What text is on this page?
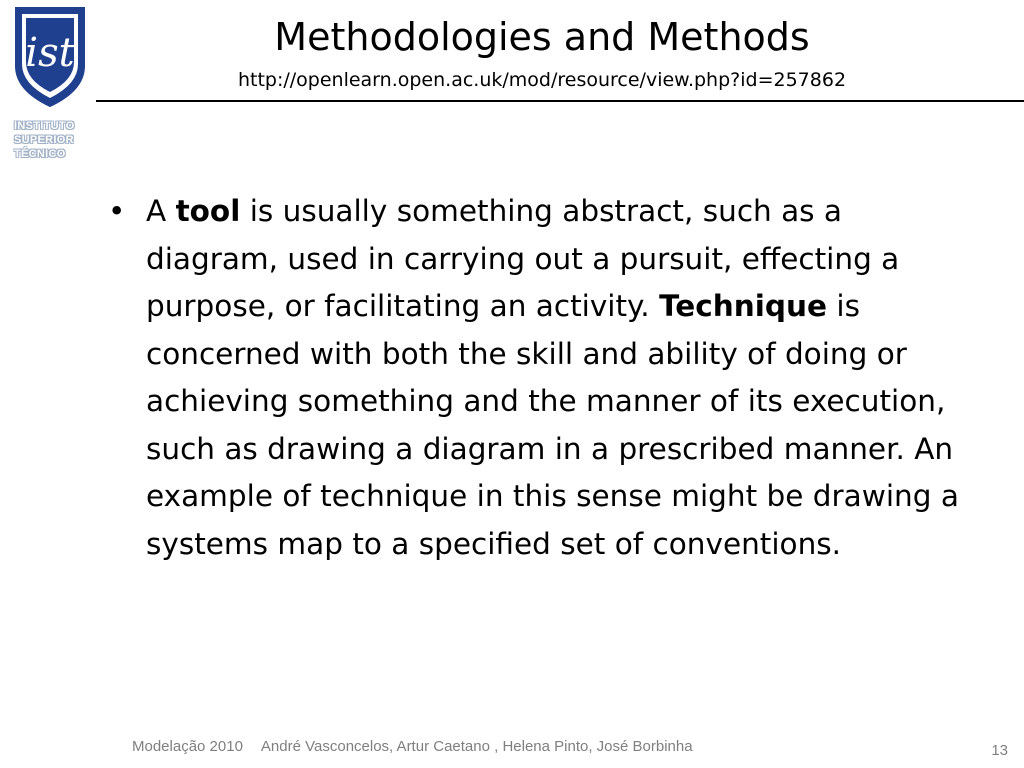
ist
INSTITUTO
SUPERIOR
TÉCNICO
Methodologies and Methods
http://openlearn.open.ac.uk/mod/resource/view.php?id=257862
• A tool is usually something abstract, such as a diagram, used in carrying out a pursuit, effecting a purpose, or facilitating an activity. Technique is concerned with both the skill and ability of doing or achieving something and the manner of its execution, such as drawing a diagram in a prescribed manner. An example of technique in this sense might be drawing a systems map to a specified set of conventions.
Modelação 2010 André Vasconcelos, Artur Caetano , Helena Pinto, José Borbinha	13
